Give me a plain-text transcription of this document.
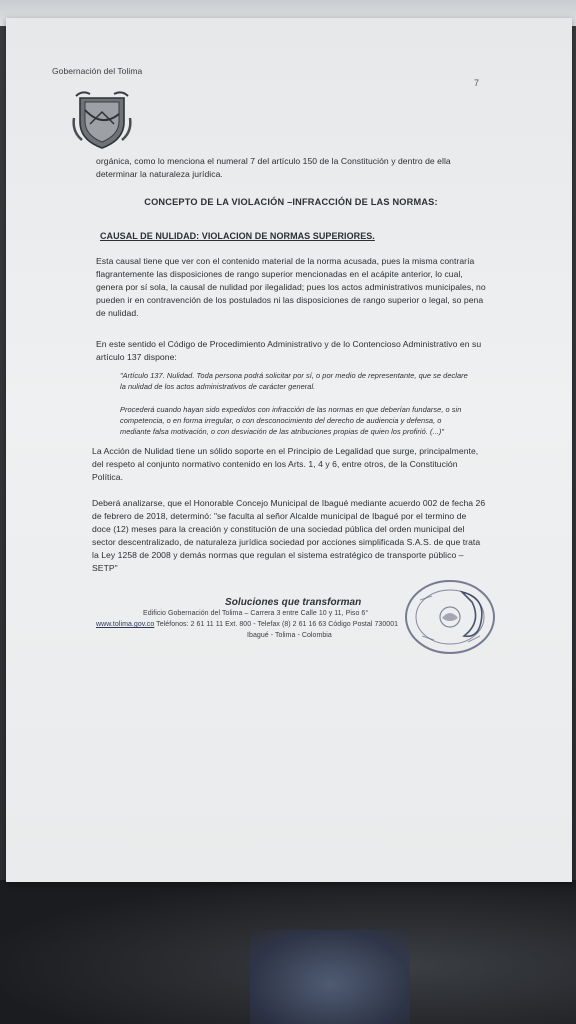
Gobernación del Tolima
7
orgánica, como lo menciona el numeral 7 del artículo 150 de la Constitución y dentro de ella determinar la naturaleza jurídica.
CONCEPTO DE LA VIOLACIÓN –INFRACCIÓN DE LAS NORMAS:
CAUSAL DE NULIDAD: VIOLACION DE NORMAS SUPERIORES.
Esta causal tiene que ver con el contenido material de la norma acusada, pues la misma contraría flagrantemente las disposiciones de rango superior mencionadas en el acápite anterior, lo cual, genera por sí sola, la causal de nulidad por ilegalidad; pues los actos administrativos municipales, no pueden ir en contravención de los postulados ni las disposiciones de rango superior o legal, so pena de nulidad.
En este sentido el Código de Procedimiento Administrativo y de lo Contencioso Administrativo en su artículo 137 dispone:
"Artículo 137. Nulidad. Toda persona podrá solicitar por sí, o por medio de representante, que se declare la nulidad de los actos administrativos de carácter general.
Procederá cuando hayan sido expedidos con infracción de las normas en que deberían fundarse, o sin competencia, o en forma irregular, o con desconocimiento del derecho de audiencia y defensa, o mediante falsa motivación, o con desviación de las atribuciones propias de quien los profirió. (...)"
La Acción de Nulidad tiene un sólido soporte en el Principio de Legalidad que surge, principalmente, del respeto al conjunto normativo contenido en los Arts. 1, 4 y 6, entre otros, de la Constitución Política.
Deberá analizarse, que el Honorable Concejo Municipal de Ibagué mediante acuerdo 002 de fecha 26 de febrero de 2018, determinó: "se faculta al señor Alcalde municipal de Ibagué por el termino de doce (12) meses para la creación y constitución de una sociedad pública del orden municipal del sector descentralizado, de naturaleza jurídica sociedad por acciones simplificada S.A.S. de que trata la Ley 1258 de 2008 y demás normas que regulan el sistema estratégico de transporte público – SETP"
Soluciones que transforman
Edificio Gobernación del Tolima – Carrera 3 entre Calle 10 y 11, Piso 6°
www.tolima.gov.co Teléfonos: 2 61 11 11 Ext. 800 - Telefax (8) 2 61 16 63 Código Postal 730001
Ibagué - Tolima - Colombia
